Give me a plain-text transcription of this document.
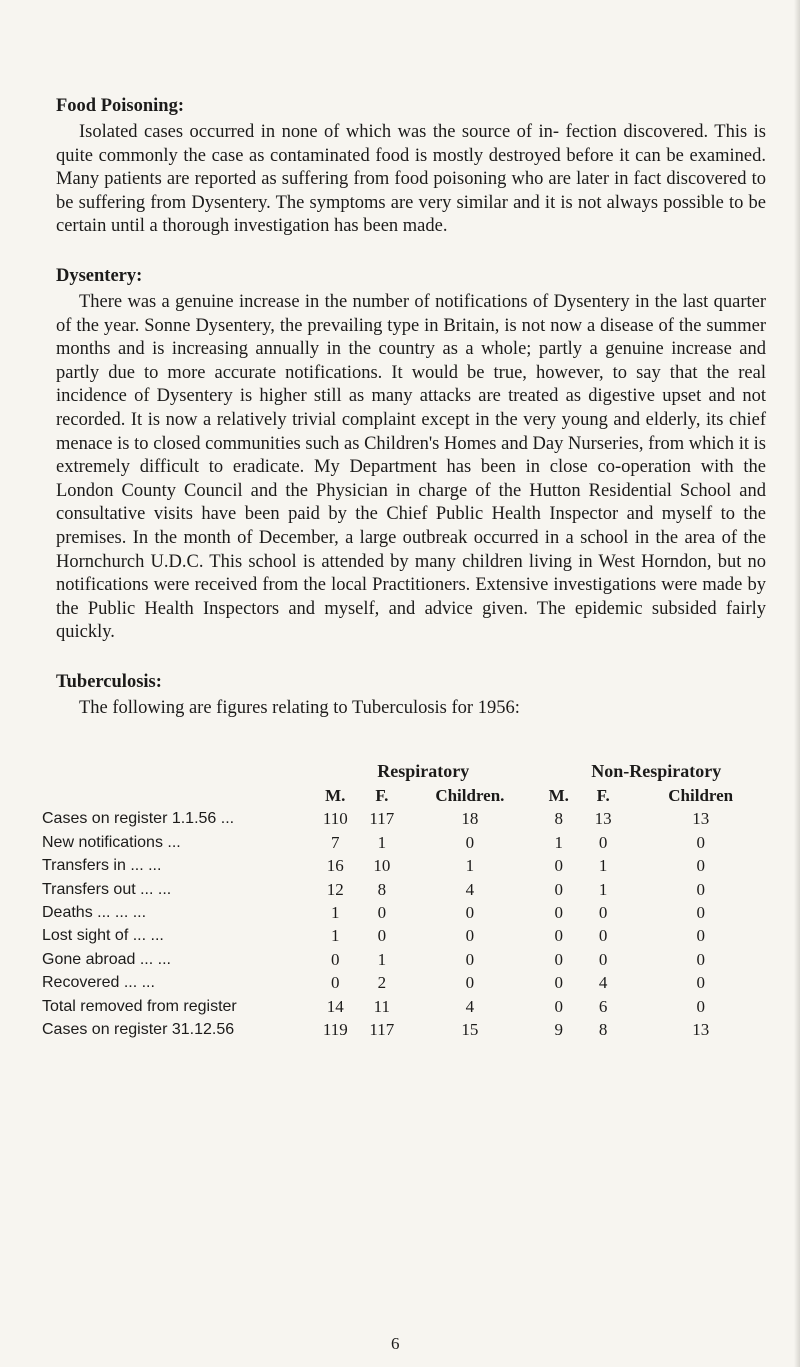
Food Poisoning:

Isolated cases occurred in none of which was the source of in- fection discovered. This is quite commonly the case as contaminated food is mostly destroyed before it can be examined. Many patients are reported as suffering from food poisoning who are later in fact discovered to be suffering from Dysentery. The symptoms are very similar and it is not always possible to be certain until a thorough investigation has been made.

Dysentery:

There was a genuine increase in the number of notifications of Dysentery in the last quarter of the year. Sonne Dysentery, the prevailing type in Britain, is not now a disease of the summer months and is increasing annually in the country as a whole; partly a genuine increase and partly due to more accurate notifications. It would be true, however, to say that the real incidence of Dysentery is higher still as many attacks are treated as digestive upset and not recorded. It is now a relatively trivial complaint except in the very young and elderly, its chief menace is to closed communities such as Children's Homes and Day Nurseries, from which it is extremely difficult to eradicate. My Department has been in close co-operation with the London County Council and the Physician in charge of the Hutton Residential School and consultative visits have been paid by the Chief Public Health Inspector and myself to the premises. In the month of December, a large outbreak occurred in a school in the area of the Hornchurch U.D.C. This school is attended by many children living in West Horndon, but no notifications were received from the local Practitioners. Extensive investigations were made by the Public Health Inspectors and myself, and advice given. The epidemic subsided fairly quickly.

Tuberculosis:

The following are figures relating to Tuberculosis for 1956:

	Respiratory			Non-Respiratory		
	M.	F.	Children.	M.	F.	Children
Cases on register 1.1.56 ...	110	117	18	8	13	13
New notifications ...	7	1	0	1	0	0
Transfers in ... ...	16	10	1	0	1	0
Transfers out ... ...	12	8	4	0	1	0
Deaths ... ... ...	1	0	0	0	0	0
Lost sight of ... ...	1	0	0	0	0	0
Gone abroad ... ...	0	1	0	0	0	0
Recovered ... ...	0	2	0	0	4	0
Total removed from register	14	11	4	0	6	0
Cases on register 31.12.56	119	117	15	9	8	13
6
